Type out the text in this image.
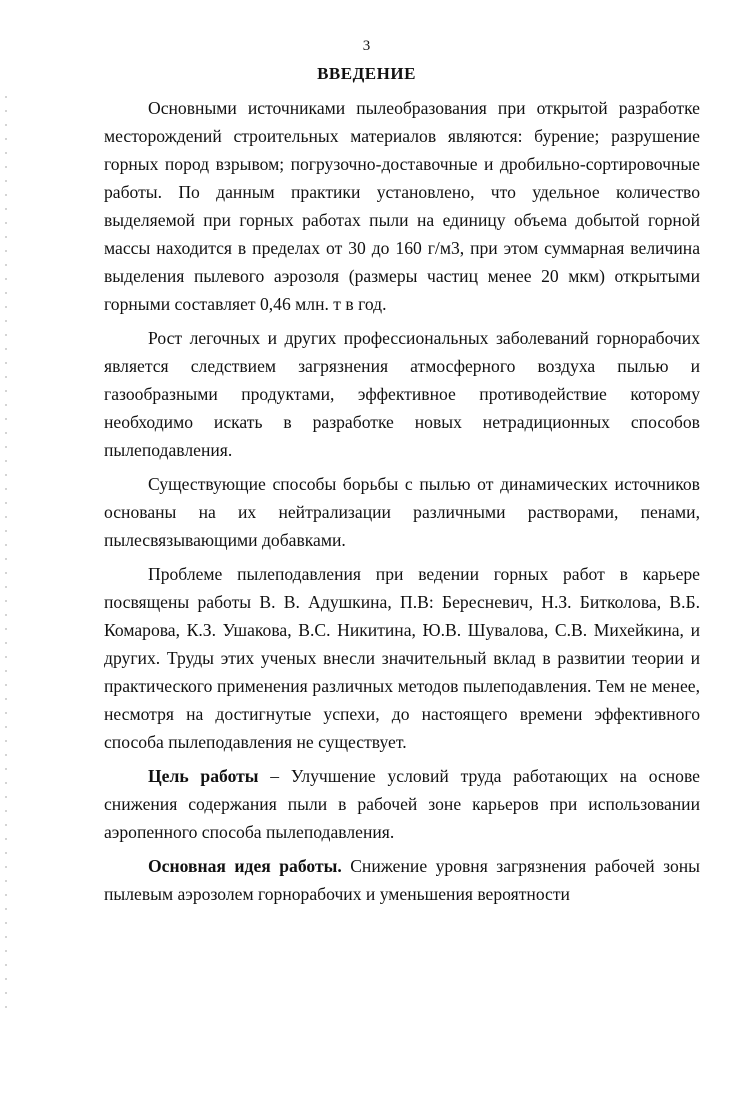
3
ВВЕДЕНИЕ

Основными источниками пылеобразования при открытой разработке месторождений строительных материалов являются: бурение; разрушение горных пород взрывом; погрузочно-доставочные и дробильно-сортировочные работы. По данным практики установлено, что удельное количество выделяемой при горных работах пыли на единицу объема добытой горной массы находится в пределах от 30 до 160 г/м3, при этом суммарная величина выделения пылевого аэрозоля (размеры частиц менее 20 мкм) открытыми горными составляет 0,46 млн. т в год.

Рост легочных и других профессиональных заболеваний горнорабочих является следствием загрязнения атмосферного воздуха пылью и газообразными продуктами, эффективное противодействие которому необходимо искать в разработке новых нетрадиционных способов пылеподавления.

Существующие способы борьбы с пылью от динамических источников основаны на их нейтрализации различными растворами, пенами, пылесвязывающими добавками.

Проблеме пылеподавления при ведении горных работ в карьере посвящены работы В. В. Адушкина, П.В: Бересневич, Н.З. Битколова, В.Б. Комарова, К.З. Ушакова, В.С. Никитина, Ю.В. Шувалова, С.В. Михейкина, и других. Труды этих ученых внесли значительный вклад в развитии теории и практического применения различных методов пылеподавления. Тем не менее, несмотря на достигнутые успехи, до настоящего времени эффективного способа пылеподавления не существует.

Цель работы – Улучшение условий труда работающих на основе снижения содержания пыли в рабочей зоне карьеров при использовании аэропенного способа пылеподавления.

Основная идея работы. Снижение уровня загрязнения рабочей зоны пылевым аэрозолем горнорабочих и уменьшения вероятности
